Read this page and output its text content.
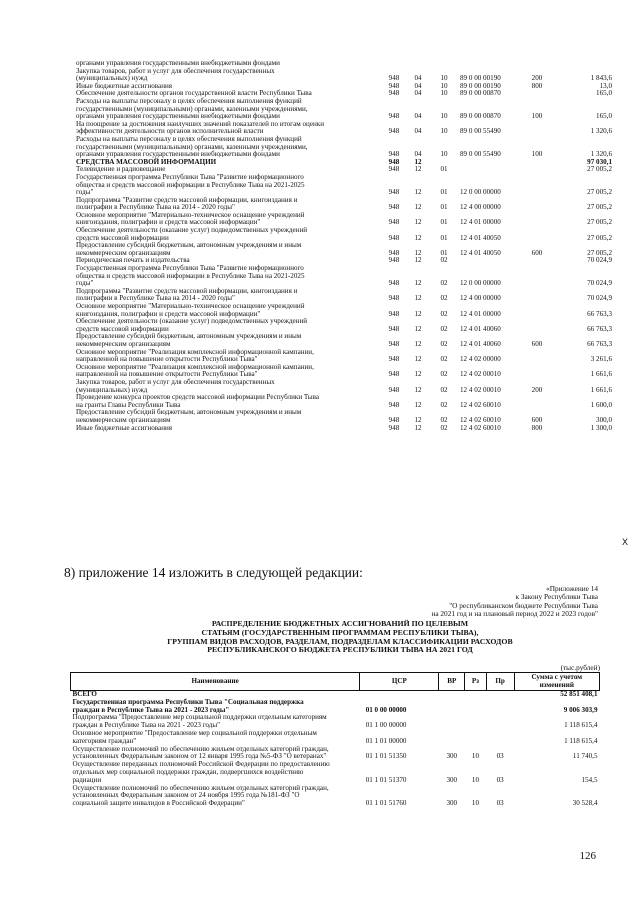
органами управления государственными внебюджетными фондами						
Закупка товаров, работ и услуг для обеспечения государственных						
(муниципальных) нужд	948	04	10	89 0 00 00190	200	1 843,6
Иные бюджетные ассигнования	948	04	10	89 0 00 00190	800	13,0
Обеспечение деятельности органов государственной власти Республики Тыва	948	04	10	89 0 00 00870		165,0
Расходы на выплаты персоналу в целях обеспечения выполнения функций						
государственными (муниципальными) органами, казенными учреждениями,						
органами управления государственными внебюджетными фондами	948	04	10	89 0 00 00870	100	165,0
На поощрение за достижения наилучших значений показателей по итогам оценки						
эффективности деятельности органов исполнительной власти	948	04	10	89 0 00 55490		1 320,6
Расходы на выплаты персоналу в целях обеспечения выполнения функций						
государственными (муниципальными) органами, казенными учреждениями,						
органами управления государственными внебюджетными фондами	948	04	10	89 0 00 55490	100	1 320,6
СРЕДСТВА МАССОВОЙ ИНФОРМАЦИИ	948	12				97 030,1
Телевидение и радиовещание	948	12	01			27 005,2
Государственная программа Республики Тыва "Развитие информационного						
общества и средств массовой информации в Республике Тыва на 2021-2025						
годы"	948	12	01	12 0 00 00000		27 005,2
Подпрограмма "Развитие средств массовой информации, книгоиздания и						
полиграфии в Республике Тыва на 2014 - 2020 годы"	948	12	01	12 4 00 00000		27 005,2
Основное мероприятие "Материально-техническое оснащение учреждений						
книгоиздания, полиграфии и средств массовой информации"	948	12	01	12 4 01 00000		27 005,2
Обеспечение деятельности (оказание услуг) подведомственных учреждений						
средств массовой информации	948	12	01	12 4 01 40050		27 005,2
Предоставление субсидий бюджетным, автономным учреждениям и иным						
некоммерческим организациям	948	12	01	12 4 01 40050	600	27 005,2
Периодическая печать и издательства	948	12	02			70 024,9
Государственная программа Республики Тыва "Развитие информационного						
общества и средств массовой информации в Республике Тыва на 2021-2025						
годы"	948	12	02	12 0 00 00000		70 024,9
Подпрограмма "Развитие средств массовой информации, книгоиздания и						
полиграфии в Республике Тыва на 2014 - 2020 годы"	948	12	02	12 4 00 00000		70 024,9
Основное мероприятие "Материально-техническое оснащение учреждений						
книгоиздания, полиграфии и средств массовой информации"	948	12	02	12 4 01 00000		66 763,3
Обеспечение деятельности (оказание услуг) подведомственных учреждений						
средств массовой информации	948	12	02	12 4 01 40060		66 763,3
Предоставление субсидий бюджетным, автономным учреждениям и иным						
некоммерческим организациям	948	12	02	12 4 01 40060	600	66 763,3
Основное мероприятие "Реализация комплексной информационной кампании,						
направленной на повышение открытости Республики Тыва"	948	12	02	12 4 02 00000		3 261,6
Основное мероприятие "Реализация комплексной информационной кампании,						
направленной на повышение открытости Республики Тыва"	948	12	02	12 4 02 00010		1 661,6
Закупка товаров, работ и услуг для обеспечения государственных						
(муниципальных) нужд	948	12	02	12 4 02 00010	200	1 661,6
Проведение конкурса проектов средств массовой информации Республики Тыва						
на гранты Главы Республики Тыва	948	12	02	12 4 02 60010		1 600,0
Предоставление субсидий бюджетным, автономным учреждениям и иным						
некоммерческим организациям	948	12	02	12 4 02 60010	600	300,0
Иные бюджетные ассигнования	948	12	02	12 4 02 60010	800	1 300,0
X
8) приложение 14 изложить в следующей редакции:
«Приложение 14
к Закону Республики Тыва
"О республиканском бюджете Республики Тыва
на 2021 год и на плановый период 2022 и 2023 годов"
РАСПРЕДЕЛЕНИЕ БЮДЖЕТНЫХ АССИГНОВАНИЙ ПО ЦЕЛЕВЫМ
СТАТЬЯМ (ГОСУДАРСТВЕННЫМ ПРОГРАММАМ РЕСПУБЛИКИ ТЫВА),
ГРУППАМ ВИДОВ РАСХОДОВ, РАЗДЕЛАМ, ПОДРАЗДЕЛАМ КЛАССИФИКАЦИИ РАСХОДОВ
РЕСПУБЛИКАНСКОГО БЮДЖЕТА РЕСПУБЛИКИ ТЫВА НА 2021 ГОД
(тыс.рублей)
Наименование	ЦСР	ВР	Рз	Пр	Сумма с учетом изменений
ВСЕГО					52 851 408,1
Государственная программа Республики Тыва "Социальная поддержка					
граждан в Республике Тыва на 2021 - 2023 годы"	01 0 00 00000				9 006 303,9
Подпрограмма "Предоставление мер социальной поддержки отдельным категориям					
граждан в Республике Тыва на 2021 - 2023 годы"	01 1 00 00000				1 118 615,4
Основное мероприятие "Предоставление мер социальной поддержки отдельным					
категориям граждан"	01 1 01 00000				1 118 615,4
Осуществление полномочий по обеспечению жильем отдельных категорий граждан,					
установленных Федеральным законом от 12 января 1995 года №5-ФЗ "О ветеранах"	01 1 01 51350	300	10	03	11 740,5
Осуществление переданных полномочий Российской Федерации по предоставлению					
отдельных мер социальной поддержки граждан, подвергшихся воздействию					
радиации	01 1 01 51370	300	10	03	154,5
Осуществление полномочий по обеспечению жильем отдельных категорий граждан,					
установленных Федеральным законом от 24 ноября 1995 года №181-ФЗ "О					
социальной защите инвалидов в Российской Федерации"	01 1 01 51760	300	10	03	30 528,4
126
